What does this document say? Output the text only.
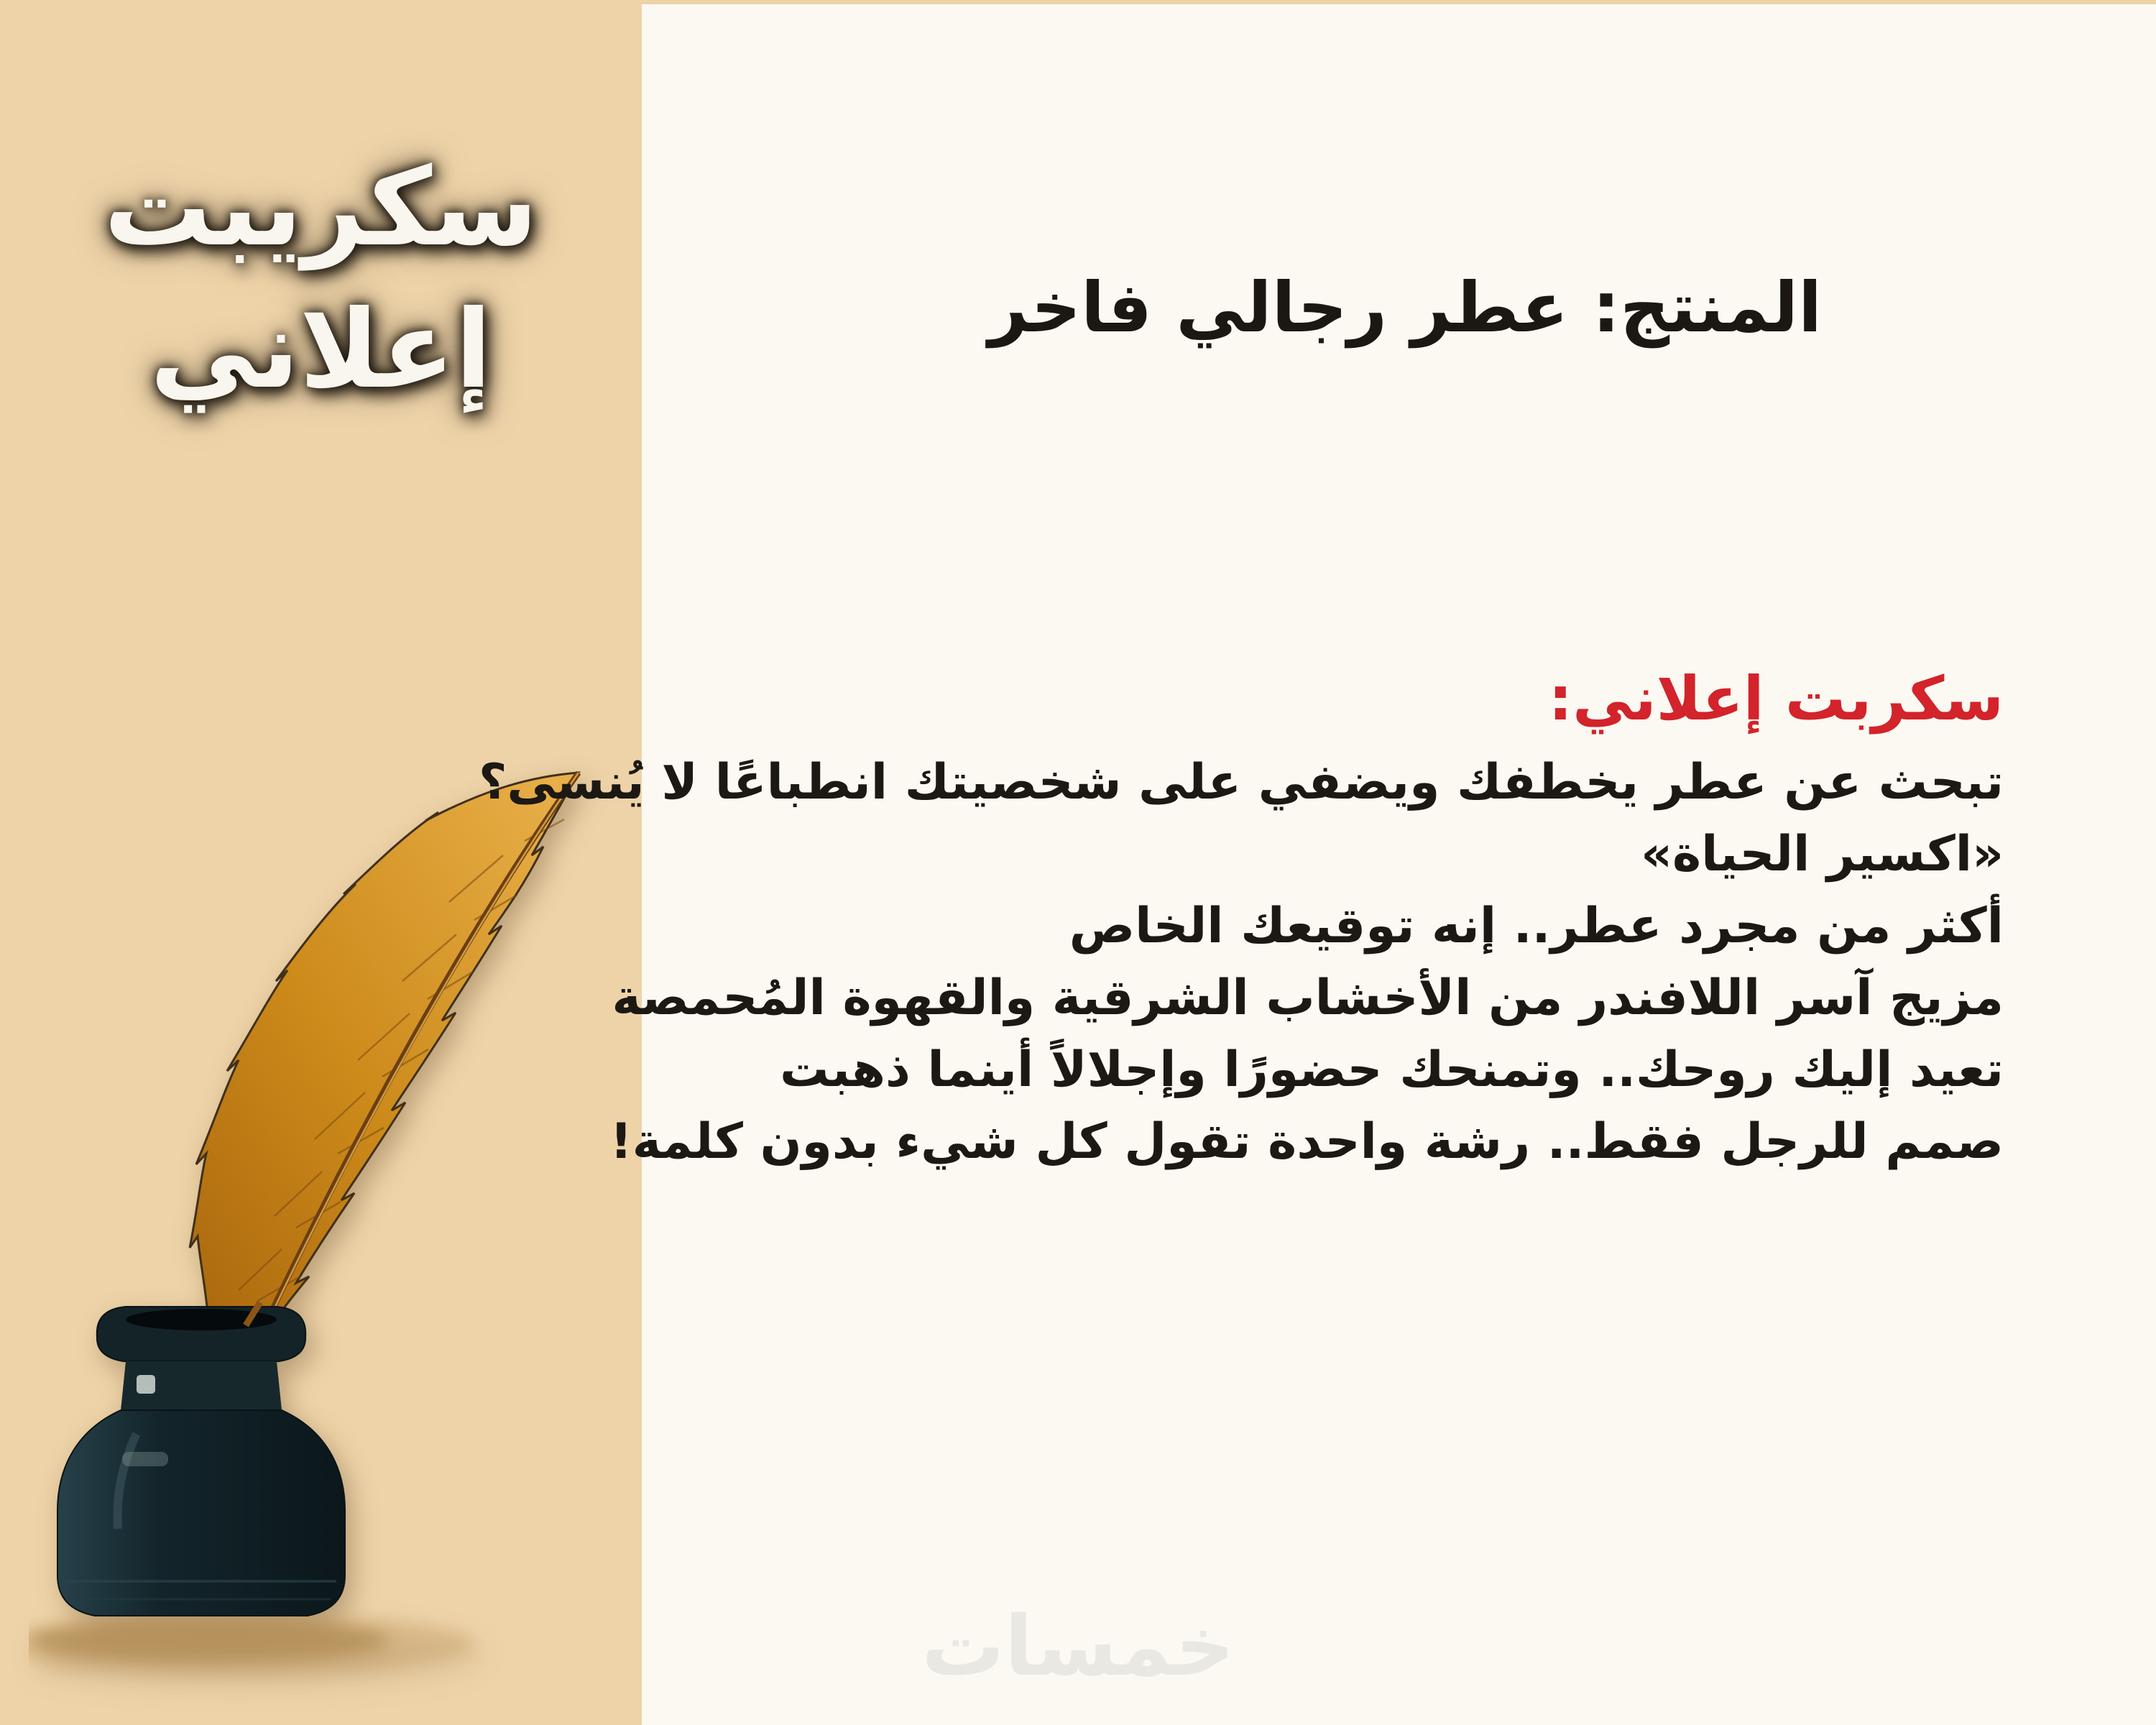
سكريبت
إعلاني	المنتج: عطر رجالي فاخر
سكربت إعلاني:
تبحث عن عطر يخطفك ويضفي على شخصيتك انطباعًا لا يُنسى؟
«اكسير الحياة»
أكثر من مجرد عطر.. إنه توقيعك الخاص
مزيج آسر اللافندر من الأخشاب الشرقية والقهوة المُحمصة
تعيد إليك روحك.. وتمنحك حضورًا وإجلالاً أينما ذهبت
صمم للرجل فقط.. رشة واحدة تقول كل شيء بدون كلمة!
خمسات
